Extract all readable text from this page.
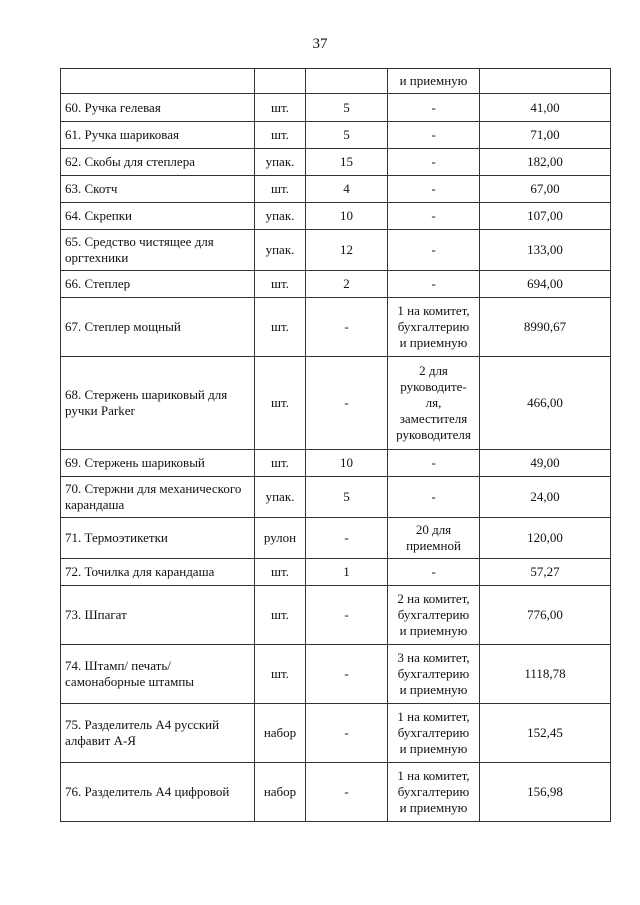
37
			и приемную	
60. Ручка гелевая	шт.	5	-	41,00
61. Ручка шариковая	шт.	5	-	71,00
62. Скобы для степлера	упак.	15	-	182,00
63. Скотч	шт.	4	-	67,00
64. Скрепки	упак.	10	-	107,00
65. Средство чистящее для оргтехники	упак.	12	-	133,00
66. Степлер	шт.	2	-	694,00
67. Степлер мощный	шт.	-	1 на комитет,
бухгалтерию
и приемную	8990,67
68. Стержень шариковый для ручки Parker	шт.	-	2 для
руководите-
ля,
заместителя
руководителя	466,00
69. Стержень шариковый	шт.	10	-	49,00
70. Стержни для механического карандаша	упак.	5	-	24,00
71. Термоэтикетки	рулон	-	20 для
приемной	120,00
72. Точилка для карандаша	шт.	1	-	57,27
73. Шпагат	шт.	-	2 на комитет,
бухгалтерию
и приемную	776,00
74. Штамп/ печать/самонаборные штампы	шт.	-	3 на комитет,
бухгалтерию
и приемную	1118,78
75. Разделитель А4 русский алфавит А-Я	набор	-	1 на комитет,
бухгалтерию
и приемную	152,45
76. Разделитель А4 цифровой	набор	-	1 на комитет,
бухгалтерию
и приемную	156,98
